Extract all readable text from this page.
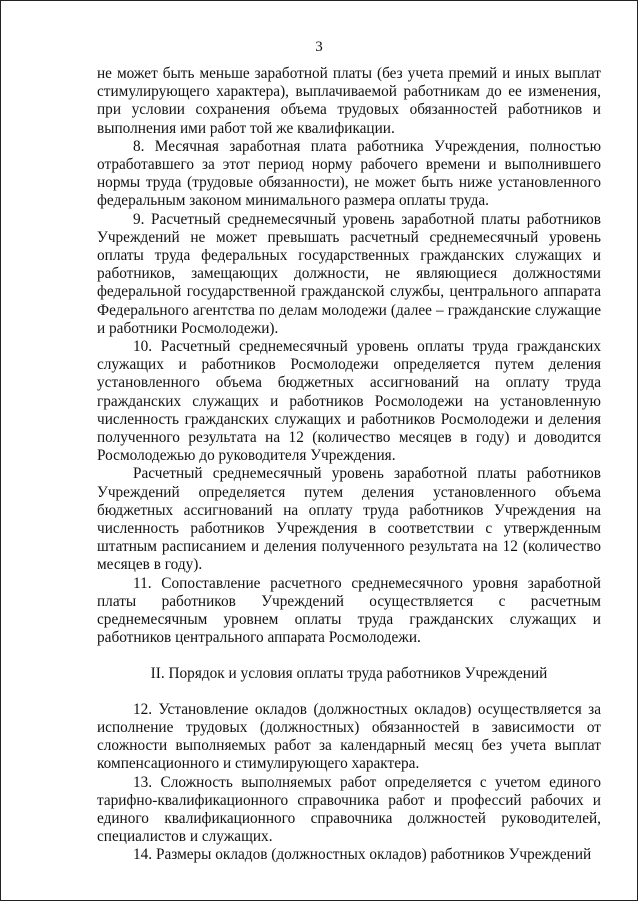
3

не может быть меньше заработной платы (без учета премий и иных выплат стимулирующего характера), выплачиваемой работникам до ее изменения, при условии сохранения объема трудовых обязанностей работников и выполнения ими работ той же квалификации.

8. Месячная заработная плата работника Учреждения, полностью отработавшего за этот период норму рабочего времени и выполнившего нормы труда (трудовые обязанности), не может быть ниже установленного федеральным законом минимального размера оплаты труда.

9. Расчетный среднемесячный уровень заработной платы работников Учреждений не может превышать расчетный среднемесячный уровень оплаты труда федеральных государственных гражданских служащих и работников, замещающих должности, не являющиеся должностями федеральной государственной гражданской службы, центрального аппарата Федерального агентства по делам молодежи (далее – гражданские служащие и работники Росмолодежи).

10. Расчетный среднемесячный уровень оплаты труда гражданских служащих и работников Росмолодежи определяется путем деления установленного объема бюджетных ассигнований на оплату труда гражданских служащих и работников Росмолодежи на установленную численность гражданских служащих и работников Росмолодежи и деления полученного результата на 12 (количество месяцев в году) и доводится Росмолодежью до руководителя Учреждения.

Расчетный среднемесячный уровень заработной платы работников Учреждений определяется путем деления установленного объема бюджетных ассигнований на оплату труда работников Учреждения на численность работников Учреждения в соответствии с утвержденным штатным расписанием и деления полученного результата на 12 (количество месяцев в году).

11. Сопоставление расчетного среднемесячного уровня заработной платы работников Учреждений осуществляется с расчетным среднемесячным уровнем оплаты труда гражданских служащих и работников центрального аппарата Росмолодежи.

II. Порядок и условия оплаты труда работников Учреждений

12. Установление окладов (должностных окладов) осуществляется за исполнение трудовых (должностных) обязанностей в зависимости от сложности выполняемых работ за календарный месяц без учета выплат компенсационного и стимулирующего характера.

13. Сложность выполняемых работ определяется с учетом единого тарифно-квалификационного справочника работ и профессий рабочих и единого квалификационного справочника должностей руководителей, специалистов и служащих.

14. Размеры окладов (должностных окладов) работников Учреждений
